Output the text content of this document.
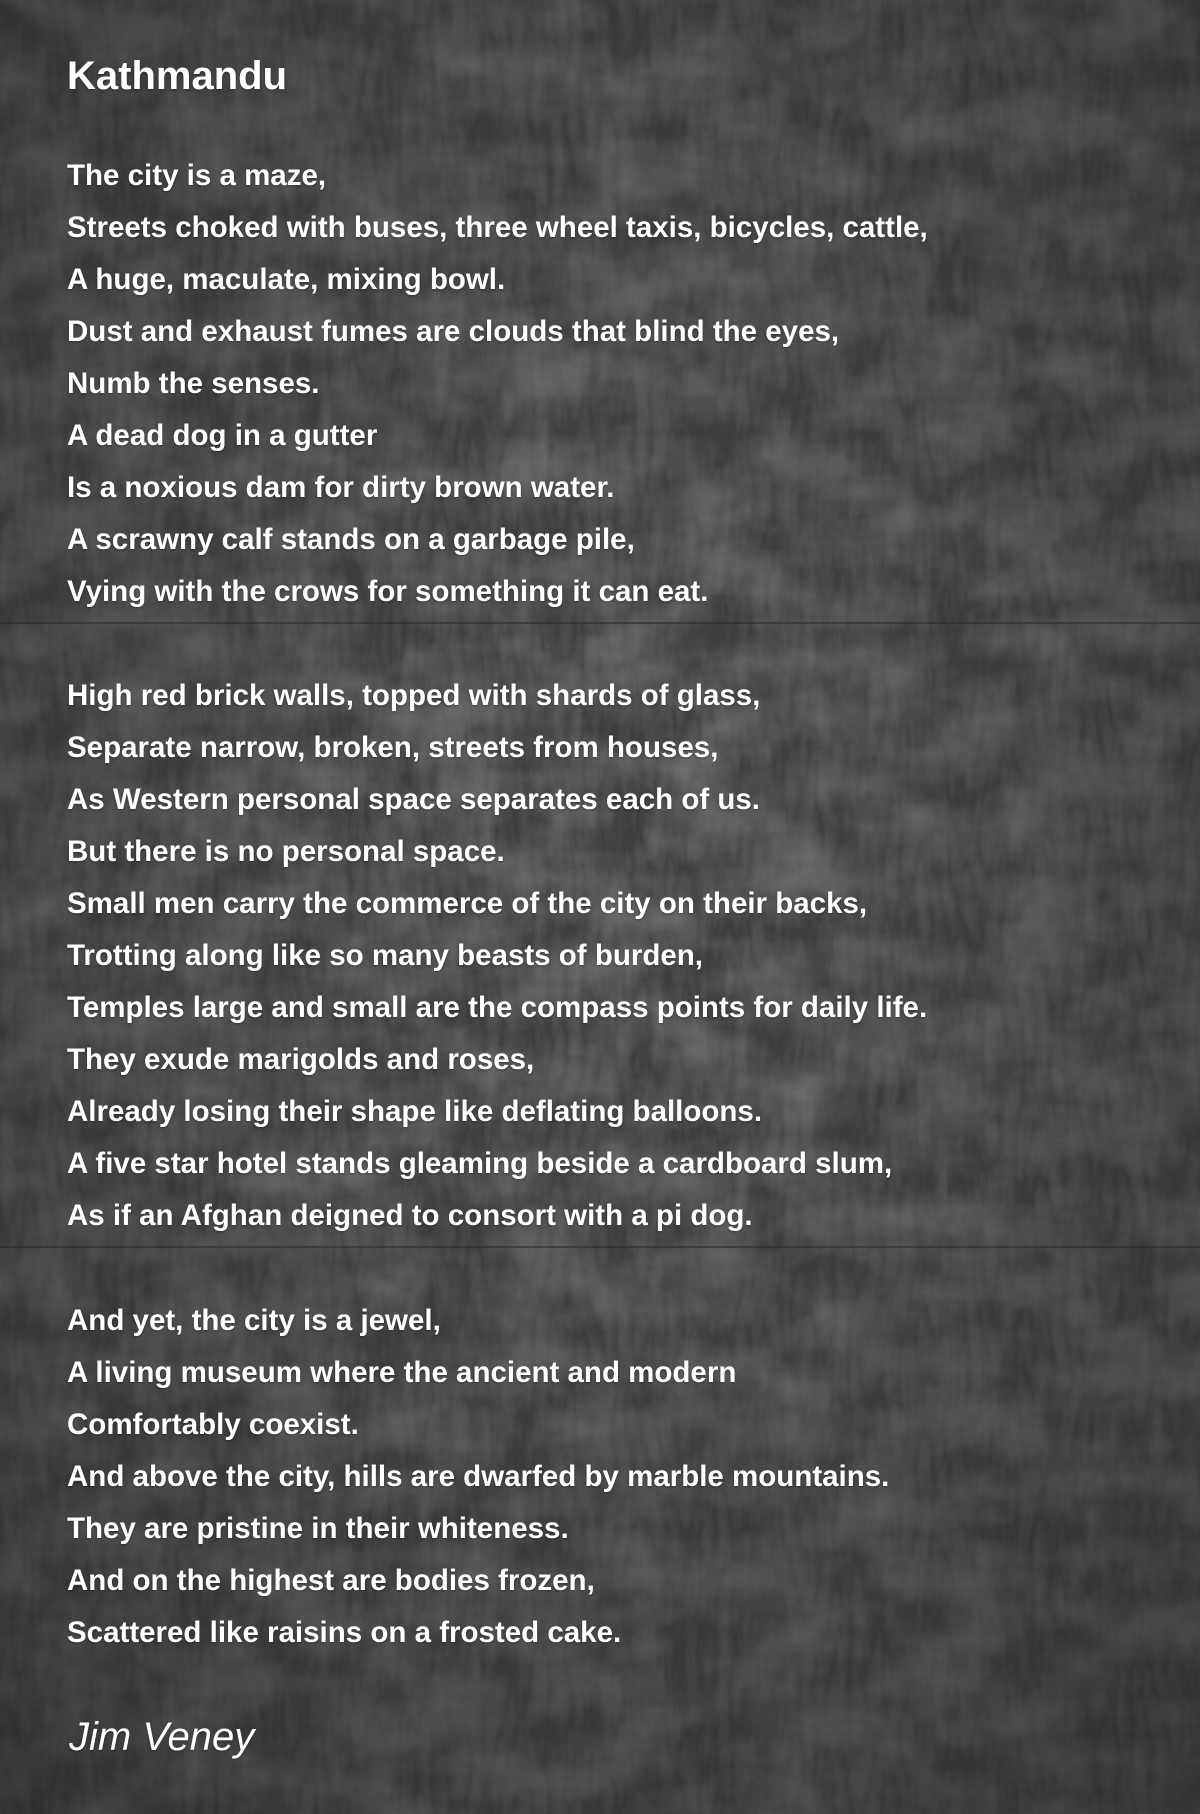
Kathmandu
The city is a maze,
Streets choked with buses, three wheel taxis, bicycles, cattle,
A huge, maculate, mixing bowl.
Dust and exhaust fumes are clouds that blind the eyes,
Numb the senses.
A dead dog in a gutter
Is a noxious dam for dirty brown water.
A scrawny calf stands on a garbage pile,
Vying with the crows for something it can eat.
High red brick walls, topped with shards of glass,
Separate narrow, broken, streets from houses,
As Western personal space separates each of us.
But there is no personal space.
Small men carry the commerce of the city on their backs,
Trotting along like so many beasts of burden,
Temples large and small are the compass points for daily life.
They exude marigolds and roses,
Already losing their shape like deflating balloons.
A five star hotel stands gleaming beside a cardboard slum,
As if an Afghan deigned to consort with a pi dog.
And yet, the city is a jewel,
A living museum where the ancient and modern
Comfortably coexist.
And above the city, hills are dwarfed by marble mountains.
They are pristine in their whiteness.
And on the highest are bodies frozen,
Scattered like raisins on a frosted cake.
Jim Veney
